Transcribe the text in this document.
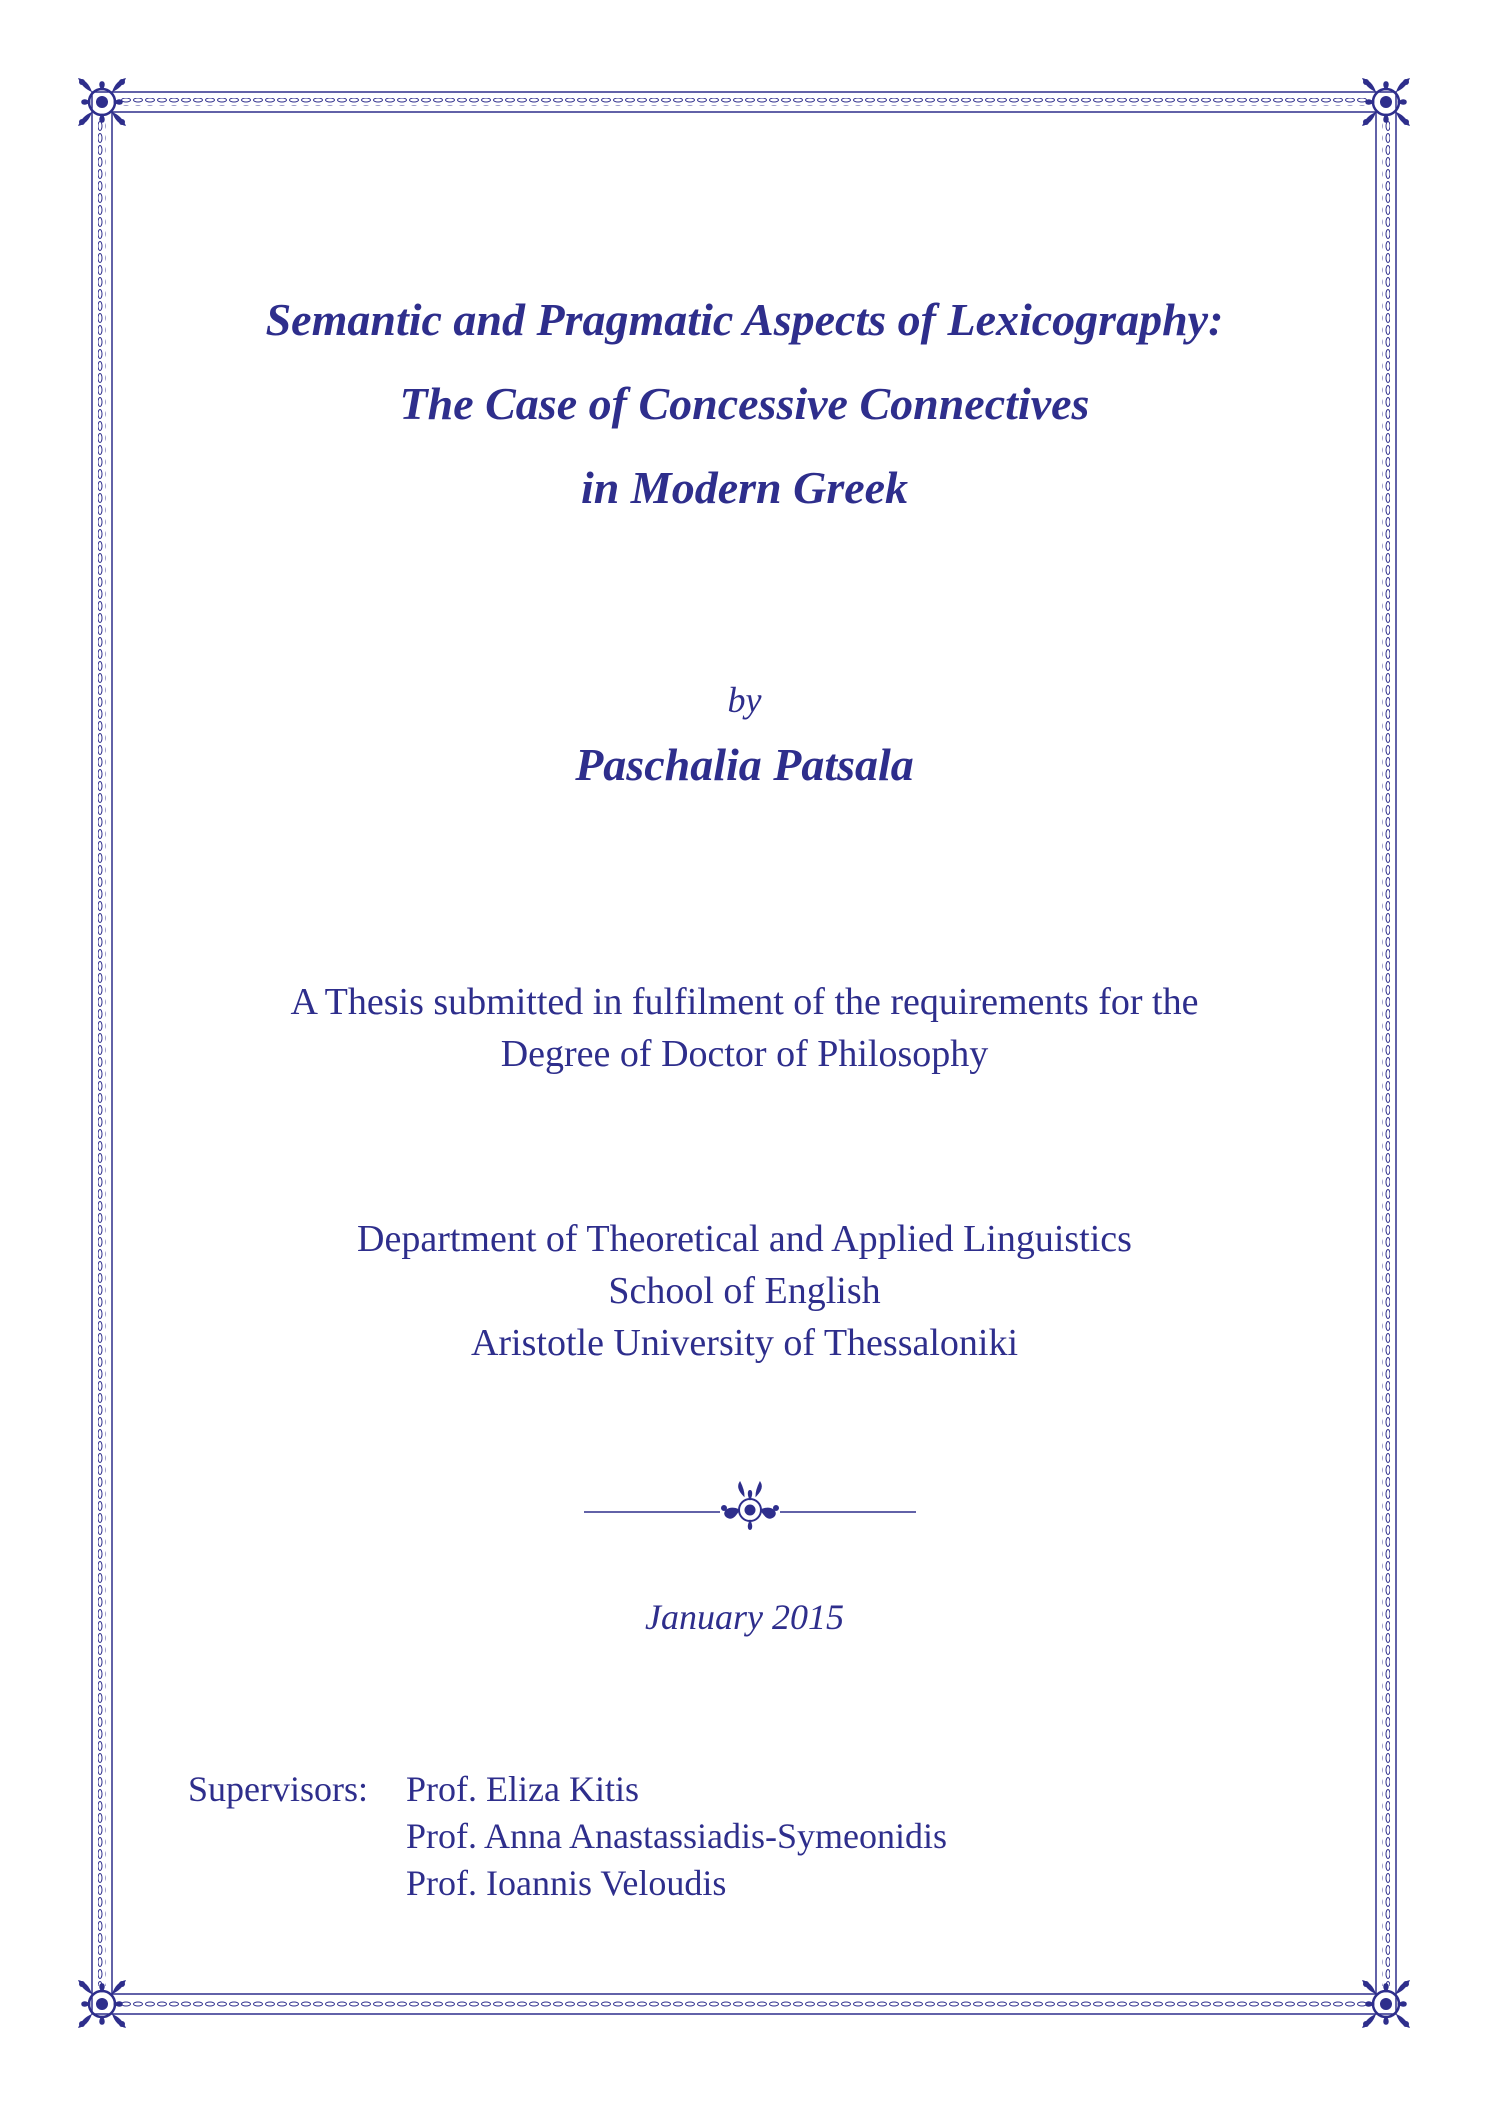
Semantic and Pragmatic Aspects of Lexicography:
The Case of Concessive Connectives
in Modern Greek
by
Paschalia Patsala
A Thesis submitted in fulfilment of the requirements for the
Degree of Doctor of Philosophy
Department of Theoretical and Applied Linguistics
School of English
Aristotle University of Thessaloniki
January 2015
Supervisors:	Prof. Eliza Kitis
Prof. Anna Anastassiadis-Symeonidis
Prof. Ioannis Veloudis
